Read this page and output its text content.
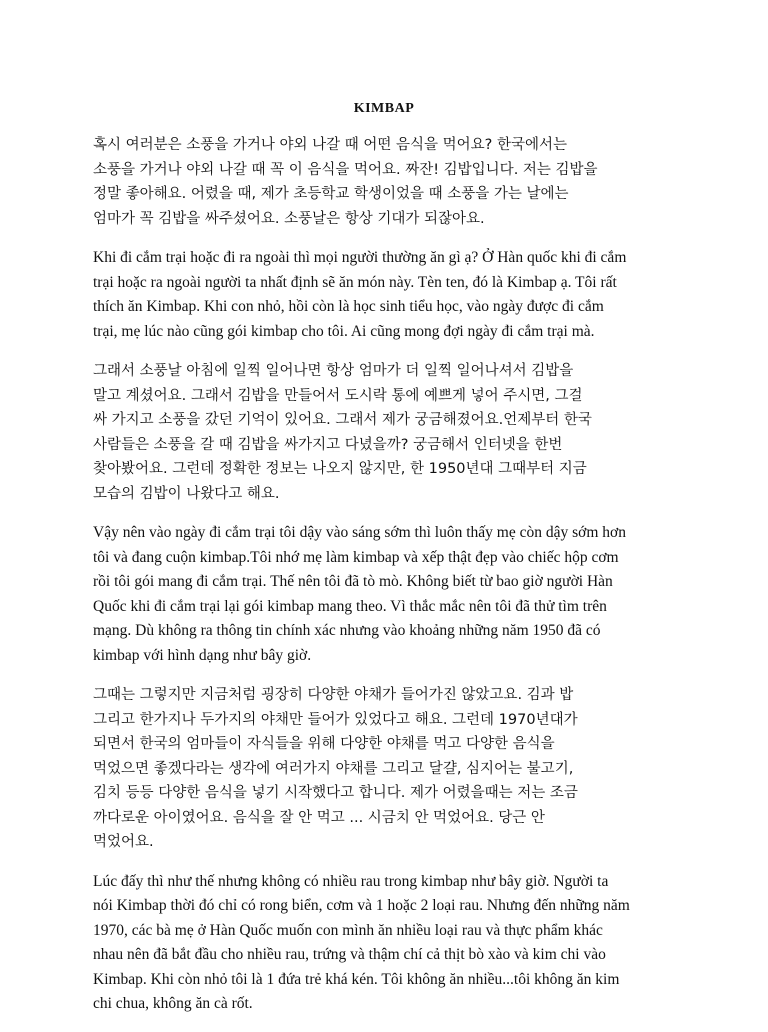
KIMBAP

혹시 여러분은 소풍을 가거나 야외 나갈 때 어떤 음식을 먹어요? 한국에서는
소풍을 가거나 야외 나갈 때 꼭 이 음식을 먹어요. 짜잔! 김밥입니다. 저는 김밥을
정말 좋아해요. 어렸을 때, 제가 초등학교 학생이었을 때 소풍을 가는 날에는
엄마가 꼭 김밥을 싸주셨어요. 소풍날은 항상 기대가 되잖아요.

Khi đi cắm trại hoặc đi ra ngoài thì mọi người thường ăn gì ạ? Ở Hàn quốc khi đi cắm
trại hoặc ra ngoài người ta nhất định sẽ ăn món này. Tèn ten, đó là Kimbap ạ. Tôi rất
thích ăn Kimbap. Khi con nhỏ, hồi còn là học sinh tiểu học, vào ngày được đi cắm
trại, mẹ lúc nào cũng gói kimbap cho tôi. Ai cũng mong đợi ngày đi cắm trại mà.

그래서 소풍날 아침에 일찍 일어나면 항상 엄마가 더 일찍 일어나셔서 김밥을
말고 계셨어요. 그래서 김밥을 만들어서 도시락 통에 예쁘게 넣어 주시면, 그걸
싸 가지고 소풍을 갔던 기억이 있어요. 그래서 제가 궁금해졌어요.언제부터 한국
사람들은 소풍을 갈 때 김밥을 싸가지고 다녔을까? 궁금해서 인터넷을 한번
찾아봤어요. 그런데 정확한 정보는 나오지 않지만, 한 1950년대 그때부터 지금
모습의 김밥이 나왔다고 해요.

Vậy nên vào ngày đi cắm trại tôi dậy vào sáng sớm thì luôn thấy mẹ còn dậy sớm hơn
tôi và đang cuộn kimbap.Tôi nhớ mẹ làm kimbap và xếp thật đẹp vào chiếc hộp cơm
rồi tôi gói mang đi cắm trại. Thế nên tôi đã tò mò. Không biết từ bao giờ người Hàn
Quốc khi đi cắm trại lại gói kimbap mang theo. Vì thắc mắc nên tôi đã thử tìm trên
mạng. Dù không ra thông tin chính xác nhưng vào khoảng những năm 1950 đã có
kimbap với hình dạng như bây giờ.

그때는 그렇지만 지금처럼 굉장히 다양한 야채가 들어가진 않았고요. 김과 밥
그리고 한가지나 두가지의 야채만 들어가 있었다고 해요. 그런데 1970년대가
되면서 한국의 엄마들이 자식들을 위해 다양한 야채를 먹고 다양한 음식을
먹었으면 좋겠다라는 생각에 여러가지 야채를 그리고 달걀, 심지어는 불고기,
김치 등등 다양한 음식을 넣기 시작했다고 합니다. 제가 어렸을때는 저는 조금
까다로운 아이였어요. 음식을 잘 안 먹고 ... 시금치 안 먹었어요. 당근 안
먹었어요.

Lúc đấy thì như thế nhưng không có nhiều rau trong kimbap như bây giờ. Người ta
nói Kimbap thời đó chỉ có rong biển, cơm và 1 hoặc 2 loại rau. Nhưng đến những năm
1970, các bà mẹ ở Hàn Quốc muốn con mình ăn nhiều loại rau và thực phẩm khác
nhau nên đã bắt đầu cho nhiều rau, trứng và thậm chí cả thịt bò xào và kim chi vào
Kimbap. Khi còn nhỏ tôi là 1 đứa trẻ khá kén. Tôi không ăn nhiều...tôi không ăn kim
chi chua, không ăn cà rốt.
